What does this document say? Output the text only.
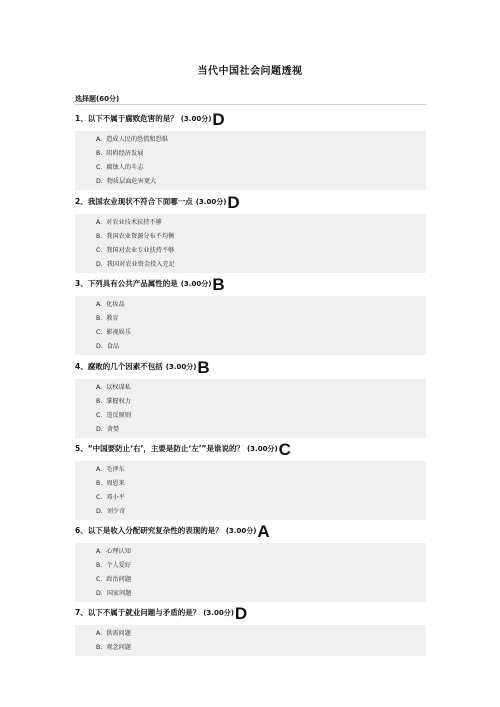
当代中国社会问题透视
选择题(60分)
1、 以下不属于腐败危害的是？ (3.00分) D
A. 造成人民的恐慌和恐惧
B. 阻碍经济发展
C. 腐蚀人的斗志
D. 物质层面危害更大
2、 我国农业现状不符合下面哪一点 (3.00分) D
A. 对农业技术扶持不够
B. 我国农业资源分布不均衡
C. 我国对农业专业扶持不够
D. 我国对农业资金投入充足
3、 下列具有公共产品属性的是 (3.00分) B
A. 化妆品
B. 教育
C. 影视娱乐
D. 食品
4、 腐败的几个因素不包括 (3.00分) B
A. 以权谋私
B. 掌握权力
C. 违反原则
D. 贪婪
5、 “中国要防止‘右’，主要是防止‘左’”是谁说的？ (3.00分) C
A. 毛泽东
B. 周恩来
C. 邓小平
D. 刘少奇
6、 以下是收入分配研究复杂性的表现的是？ (3.00分) A
A. 心理认知
B. 个人爱好
C. 政治问题
D. 国家问题
7、 以下不属于就业问题与矛盾的是？ (3.00分) D
A. 供需问题
B. 观念问题
